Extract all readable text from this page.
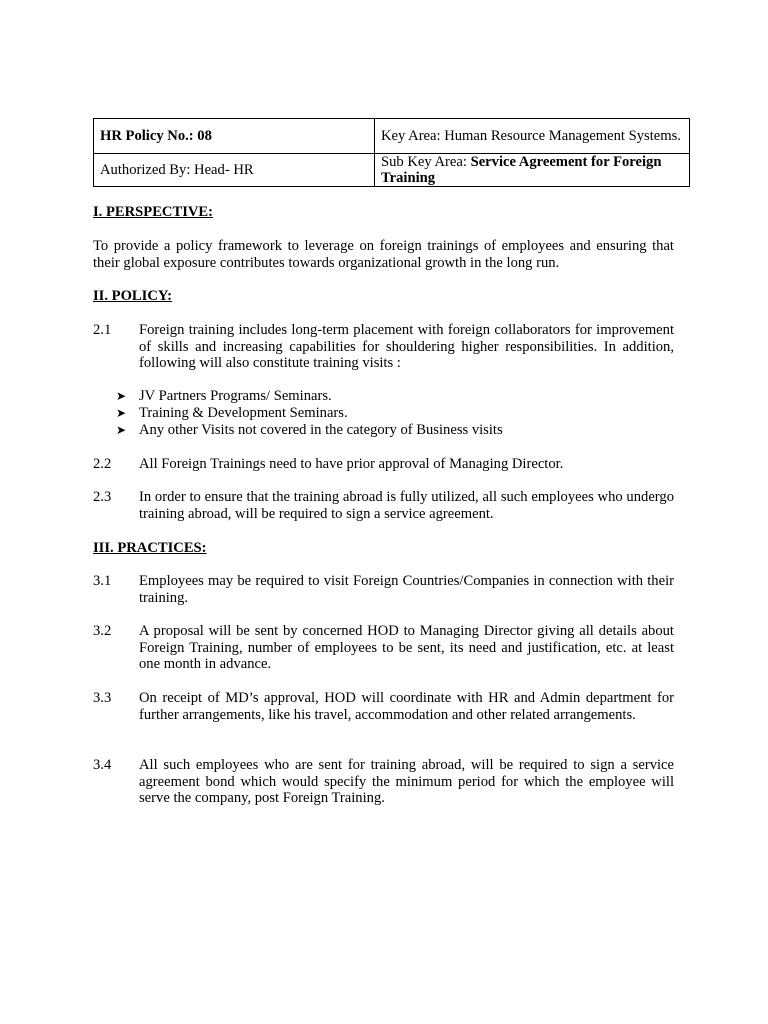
HR Policy No.: 08	Key Area: Human Resource Management Systems.
Authorized By: Head- HR	Sub Key Area: Service Agreement for Foreign Training
I. PERSPECTIVE:
To provide a policy framework to leverage on foreign trainings of employees and ensuring that their global exposure contributes towards organizational growth in the long run.
II. POLICY:
2.1 Foreign training includes long-term placement with foreign collaborators for improvement of skills and increasing capabilities for shouldering higher responsibilities. In addition, following will also constitute training visits :
➤ JV Partners Programs/ Seminars.
➤ Training & Development Seminars.
➤ Any other Visits not covered in the category of Business visits
2.2 All Foreign Trainings need to have prior approval of Managing Director.
2.3 In order to ensure that the training abroad is fully utilized, all such employees who undergo training abroad, will be required to sign a service agreement.
III. PRACTICES:
3.1 Employees may be required to visit Foreign Countries/Companies in connection with their training.
3.2 A proposal will be sent by concerned HOD to Managing Director giving all details about Foreign Training, number of employees to be sent, its need and justification, etc. at least one month in advance.
3.3 On receipt of MD’s approval, HOD will coordinate with HR and Admin department for further arrangements, like his travel, accommodation and other related arrangements.
3.4 All such employees who are sent for training abroad, will be required to sign a service agreement bond which would specify the minimum period for which the employee will serve the company, post Foreign Training.
